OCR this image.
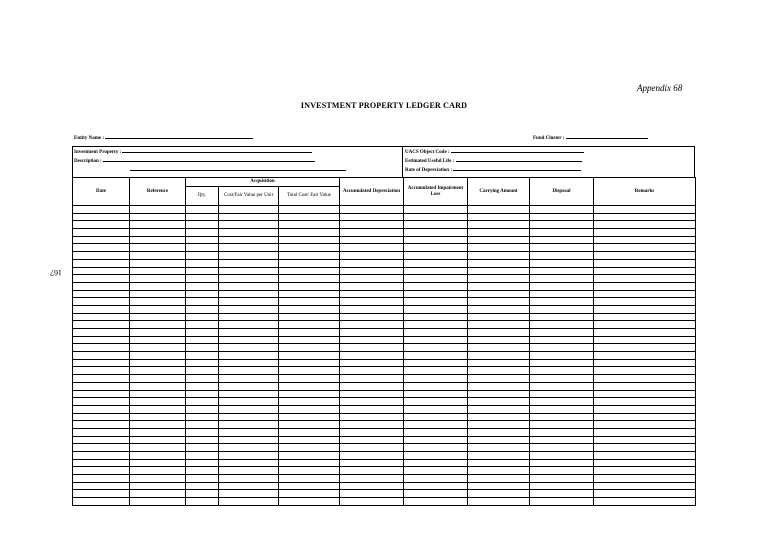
Appendix 68
INVESTMENT PROPERTY LEDGER CARD
Entity Name :	Fund Cluster :
Investment Property :
Description :
UACS Object Code :
Estimated Useful Life :
Rate of Depreciation :
167
Date	Reference	Acquisition			Accumulated Depreciation	Accumulated Impairment Loss	Carrying Amount	Disposal	Remarks
		Qty.	Cost/Fair Value per Unit	Total Cost/ Fair Value					
